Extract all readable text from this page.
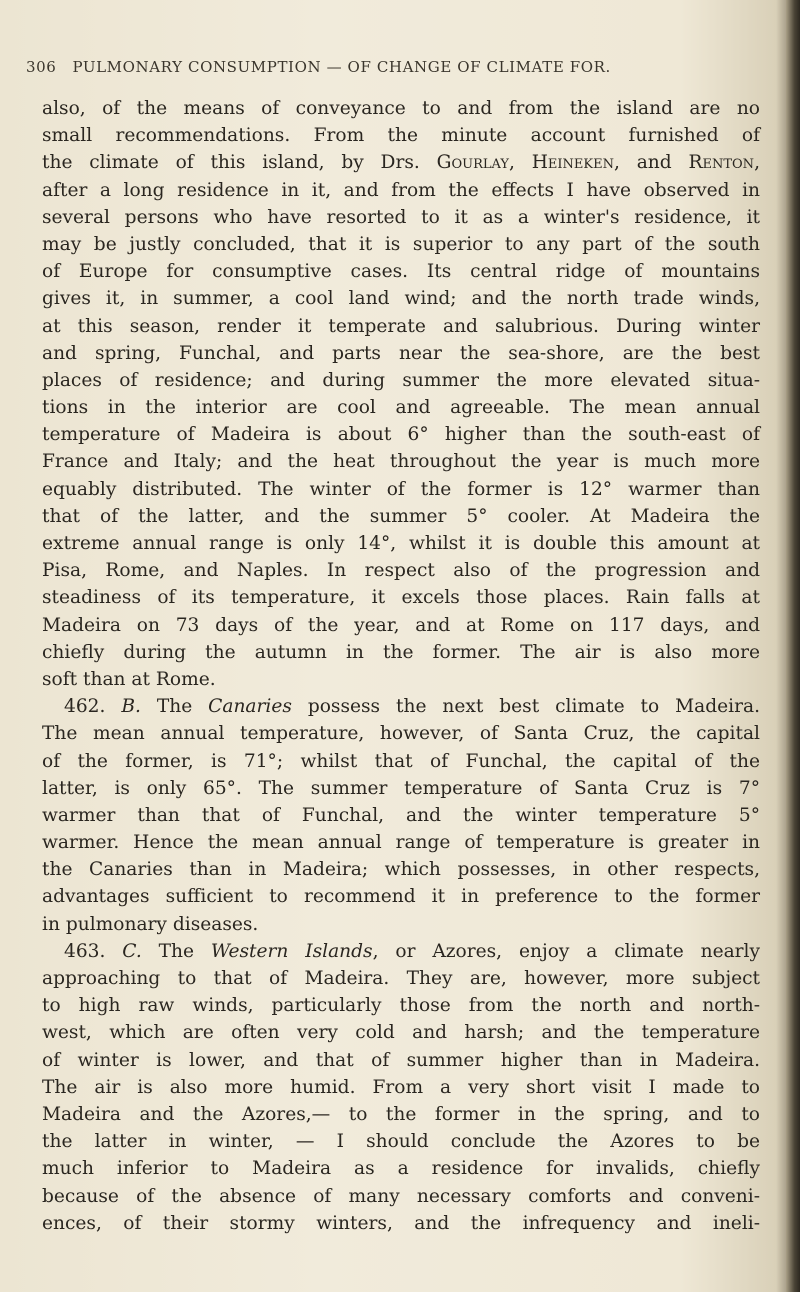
306 PULMONARY CONSUMPTION — OF CHANGE OF CLIMATE FOR.
also, of the means of conveyance to and from the island are no
small recommendations. From the minute account furnished of
the climate of this island, by Drs. Gourlay, Heineken, and Renton,
after a long residence in it, and from the effects I have observed in
several persons who have resorted to it as a winter's residence, it
may be justly concluded, that it is superior to any part of the south
of Europe for consumptive cases. Its central ridge of mountains
gives it, in summer, a cool land wind; and the north trade winds,
at this season, render it temperate and salubrious. During winter
and spring, Funchal, and parts near the sea-shore, are the best
places of residence; and during summer the more elevated situa-
tions in the interior are cool and agreeable. The mean annual
temperature of Madeira is about 6° higher than the south-east of
France and Italy; and the heat throughout the year is much more
equably distributed. The winter of the former is 12° warmer than
that of the latter, and the summer 5° cooler. At Madeira the
extreme annual range is only 14°, whilst it is double this amount at
Pisa, Rome, and Naples. In respect also of the progression and
steadiness of its temperature, it excels those places. Rain falls at
Madeira on 73 days of the year, and at Rome on 117 days, and
chiefly during the autumn in the former. The air is also more
soft than at Rome.
462. B. The Canaries possess the next best climate to Madeira.
The mean annual temperature, however, of Santa Cruz, the capital
of the former, is 71°; whilst that of Funchal, the capital of the
latter, is only 65°. The summer temperature of Santa Cruz is 7°
warmer than that of Funchal, and the winter temperature 5°
warmer. Hence the mean annual range of temperature is greater in
the Canaries than in Madeira; which possesses, in other respects,
advantages sufficient to recommend it in preference to the former
in pulmonary diseases.
463. C. The Western Islands, or Azores, enjoy a climate nearly
approaching to that of Madeira. They are, however, more subject
to high raw winds, particularly those from the north and north-
west, which are often very cold and harsh; and the temperature
of winter is lower, and that of summer higher than in Madeira.
The air is also more humid. From a very short visit I made to
Madeira and the Azores,— to the former in the spring, and to
the latter in winter, — I should conclude the Azores to be
much inferior to Madeira as a residence for invalids, chiefly
because of the absence of many necessary comforts and conveni-
ences, of their stormy winters, and the infrequency and ineli-
